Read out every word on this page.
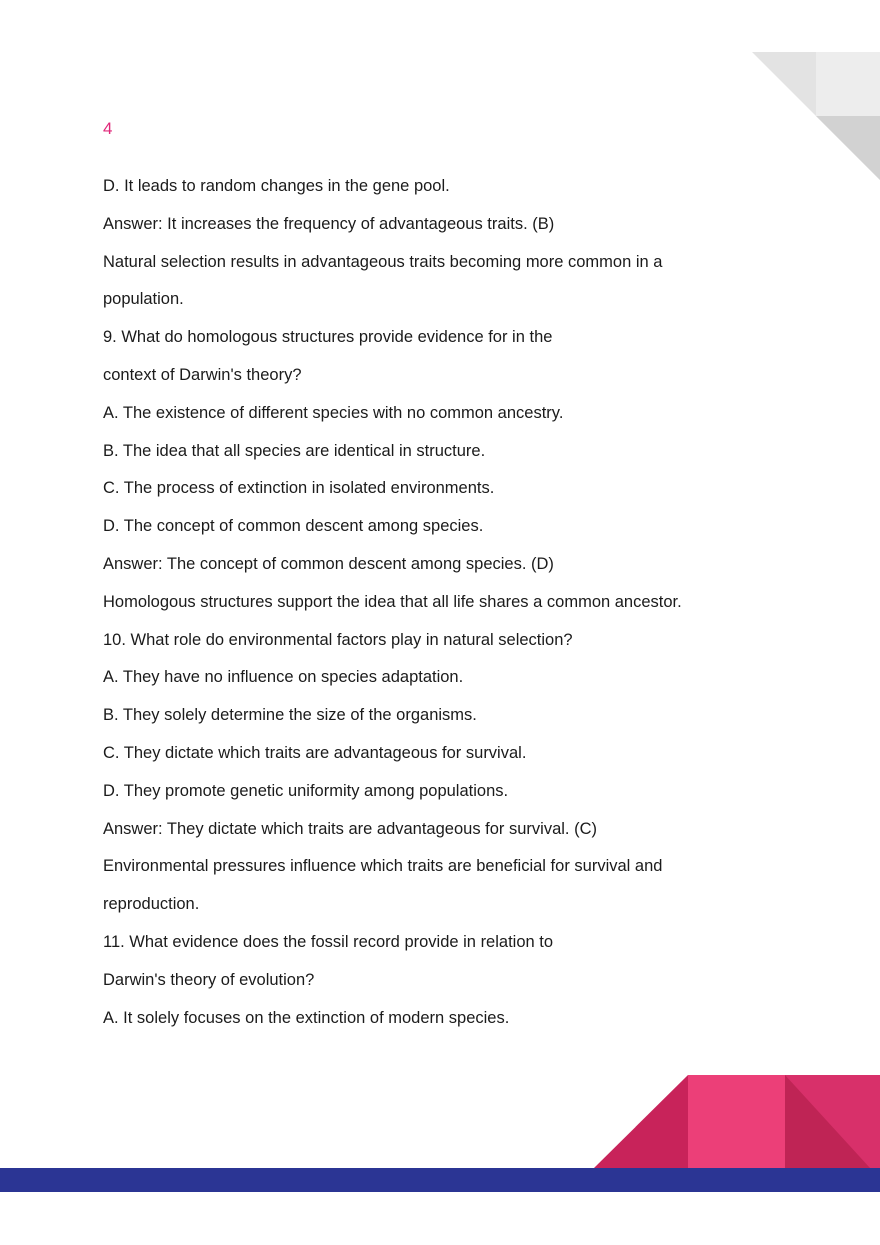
4
D. It leads to random changes in the gene pool.
Answer: It increases the frequency of advantageous traits. (B)
Natural selection results in advantageous traits becoming more common in a
population.
9. What do homologous structures provide evidence for in the
context of Darwin's theory?
A. The existence of different species with no common ancestry.
B. The idea that all species are identical in structure.
C. The process of extinction in isolated environments.
D. The concept of common descent among species.
Answer: The concept of common descent among species. (D)
Homologous structures support the idea that all life shares a common ancestor.
10. What role do environmental factors play in natural selection?
A. They have no influence on species adaptation.
B. They solely determine the size of the organisms.
C. They dictate which traits are advantageous for survival.
D. They promote genetic uniformity among populations.
Answer: They dictate which traits are advantageous for survival. (C)
Environmental pressures influence which traits are beneficial for survival and
reproduction.
11. What evidence does the fossil record provide in relation to
Darwin's theory of evolution?
A. It solely focuses on the extinction of modern species.
